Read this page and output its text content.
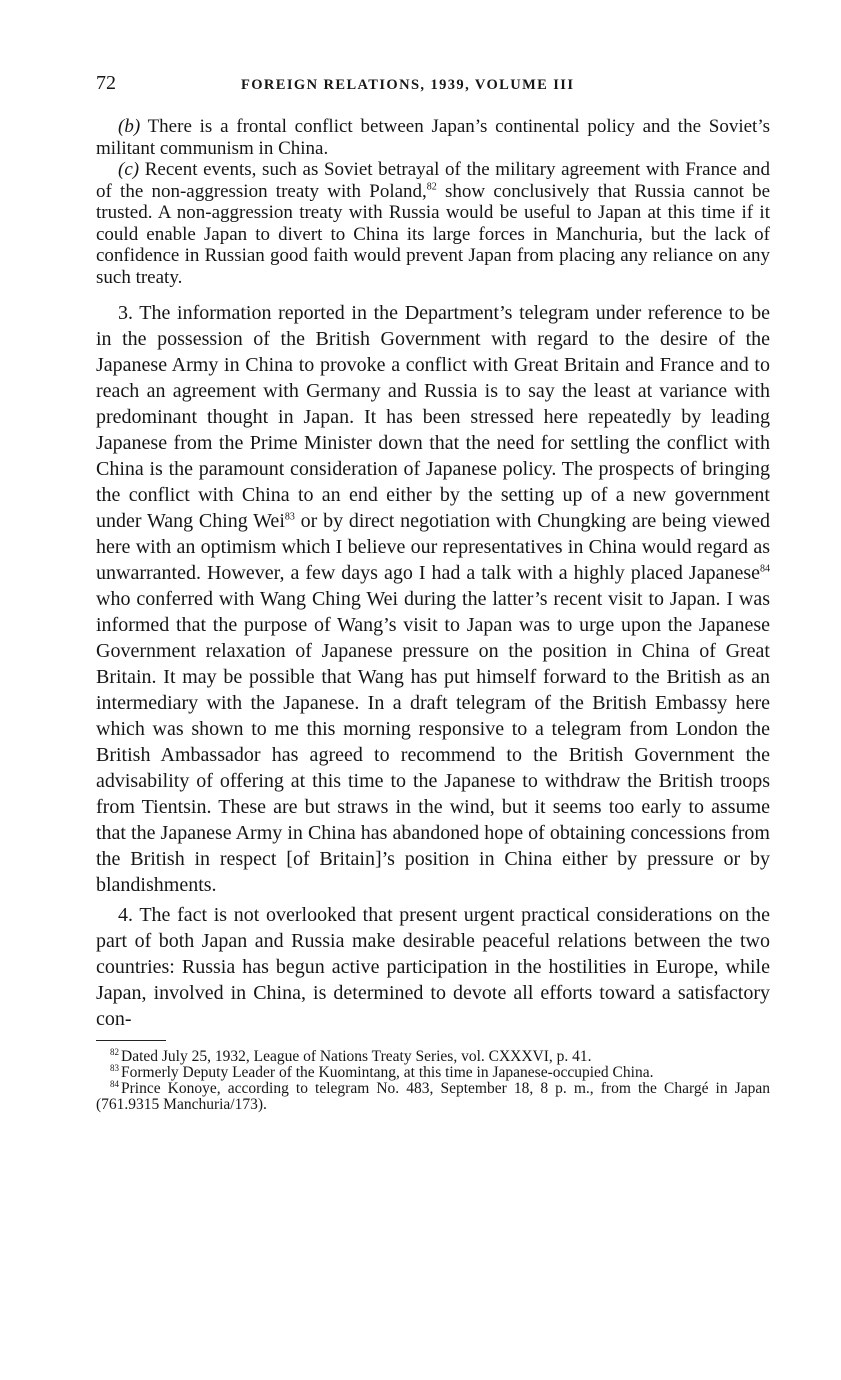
72	FOREIGN RELATIONS, 1939, VOLUME III

(b) There is a frontal conflict between Japan’s continental policy and the Soviet’s militant communism in China.

(c) Recent events, such as Soviet betrayal of the military agreement with France and of the non-aggression treaty with Poland,$^{82}$ show conclusively that Russia cannot be trusted. A non-aggression treaty with Russia would be useful to Japan at this time if it could enable Japan to divert to China its large forces in Manchuria, but the lack of confidence in Russian good faith would prevent Japan from placing any reliance on any such treaty.

3. The information reported in the Department’s telegram under reference to be in the possession of the British Government with regard to the desire of the Japanese Army in China to provoke a conflict with Great Britain and France and to reach an agreement with Germany and Russia is to say the least at variance with predominant thought in Japan. It has been stressed here repeatedly by leading Japanese from the Prime Minister down that the need for settling the conflict with China is the paramount consideration of Japanese policy. The prospects of bringing the conflict with China to an end either by the setting up of a new government under Wang Ching Wei$^{83}$ or by direct negotiation with Chungking are being viewed here with an optimism which I believe our representatives in China would regard as unwarranted. However, a few days ago I had a talk with a highly placed Japanese$^{84}$ who conferred with Wang Ching Wei during the latter’s recent visit to Japan. I was informed that the purpose of Wang’s visit to Japan was to urge upon the Japanese Government relaxation of Japanese pressure on the position in China of Great Britain. It may be possible that Wang has put himself forward to the British as an intermediary with the Japanese. In a draft telegram of the British Embassy here which was shown to me this morning responsive to a telegram from London the British Ambassador has agreed to recommend to the British Government the advisability of offering at this time to the Japanese to withdraw the British troops from Tientsin. These are but straws in the wind, but it seems too early to assume that the Japanese Army in China has abandoned hope of obtaining concessions from the British in respect [of Britain]’s position in China either by pressure or by blandishments.

4. The fact is not overlooked that present urgent practical considerations on the part of both Japan and Russia make desirable peaceful relations between the two countries: Russia has begun active participation in the hostilities in Europe, while Japan, involved in China, is determined to devote all efforts toward a satisfactory con-

$^{82}$ Dated July 25, 1932, League of Nations Treaty Series, vol. CXXXVI, p. 41.

$^{83}$ Formerly Deputy Leader of the Kuomintang, at this time in Japanese-occupied China.

$^{84}$ Prince Konoye, according to telegram No. 483, September 18, 8 p. m., from the Chargé in Japan (761.9315 Manchuria/173).
